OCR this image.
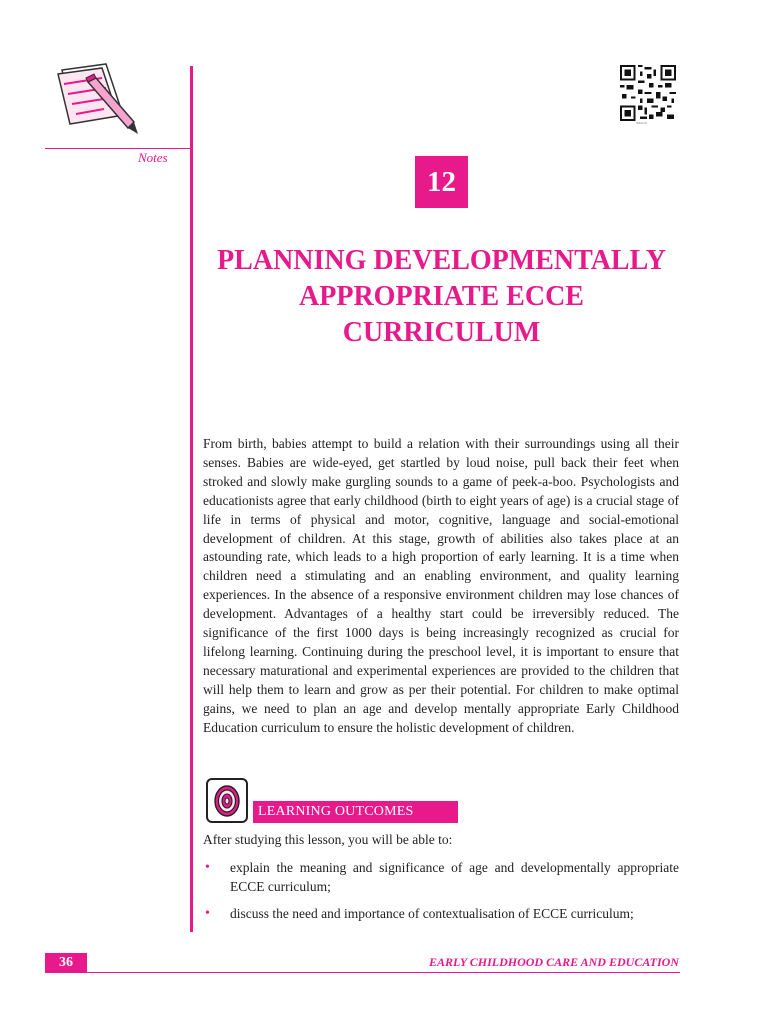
Notes
5Mdwd3
12
PLANNING DEVELOPMENTALLY
APPROPRIATE ECCE
CURRICULUM

From birth, babies attempt to build a relation with their surroundings using all their senses. Babies are wide-eyed, get startled by loud noise, pull back their feet when stroked and slowly make gurgling sounds to a game of peek-a-boo. Psychologists and educationists agree that early childhood (birth to eight years of age) is a crucial stage of life in terms of physical and motor, cognitive, language and social-emotional development of children. At this stage, growth of abilities also takes place at an astounding rate, which leads to a high proportion of early learning. It is a time when children need a stimulating and an enabling environment, and quality learning experiences. In the absence of a responsive environment children may lose chances of development. Advantages of a healthy start could be irreversibly reduced. The significance of the first 1000 days is being increasingly recognized as crucial for lifelong learning. Continuing during the preschool level, it is important to ensure that necessary maturational and experimental experiences are provided to the children that will help them to learn and grow as per their potential. For children to make optimal gains, we need to plan an age and develop mentally appropriate Early Childhood Education curriculum to ensure the holistic development of children.

LEARNING OUTCOMES
After studying this lesson, you will be able to:
• explain the meaning and significance of age and developmentally appropriate ECCE curriculum;
• discuss the need and importance of contextualisation of ECCE curriculum;
36	EARLY CHILDHOOD CARE AND EDUCATION
